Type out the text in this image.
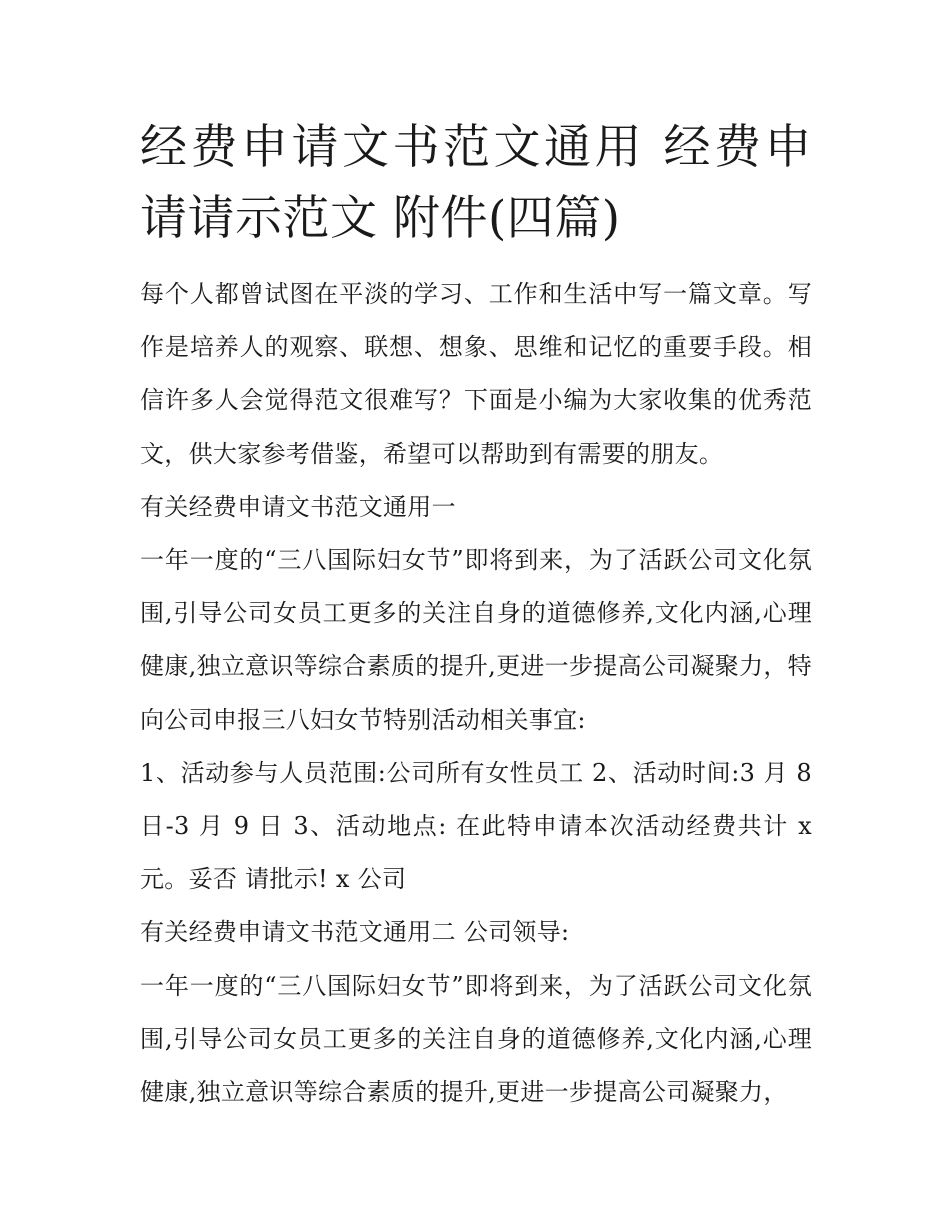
经费申请文书范文通用 经费申请请示范文 附件(四篇)

每个人都曾试图在平淡的学习、工作和生活中写一篇文章。写作是培养人的观察、联想、想象、思维和记忆的重要手段。相信许多人会觉得范文很难写？下面是小编为大家收集的优秀范文，供大家参考借鉴，希望可以帮助到有需要的朋友。

有关经费申请文书范文通用一

一年一度的“三八国际妇女节”即将到来，为了活跃公司文化氛围,引导公司女员工更多的关注自身的道德修养,文化内涵,心理健康,独立意识等综合素质的提升,更进一步提高公司凝聚力，特向公司申报三八妇女节特别活动相关事宜:

1、活动参与人员范围:公司所有女性员工 2、活动时间:3 月 8 日-3 月 9 日 3、活动地点: 在此特申请本次活动经费共计 x 元。妥否 请批示! x 公司

有关经费申请文书范文通用二 公司领导:

一年一度的“三八国际妇女节”即将到来，为了活跃公司文化氛围,引导公司女员工更多的关注自身的道德修养,文化内涵,心理健康,独立意识等综合素质的提升,更进一步提高公司凝聚力，
